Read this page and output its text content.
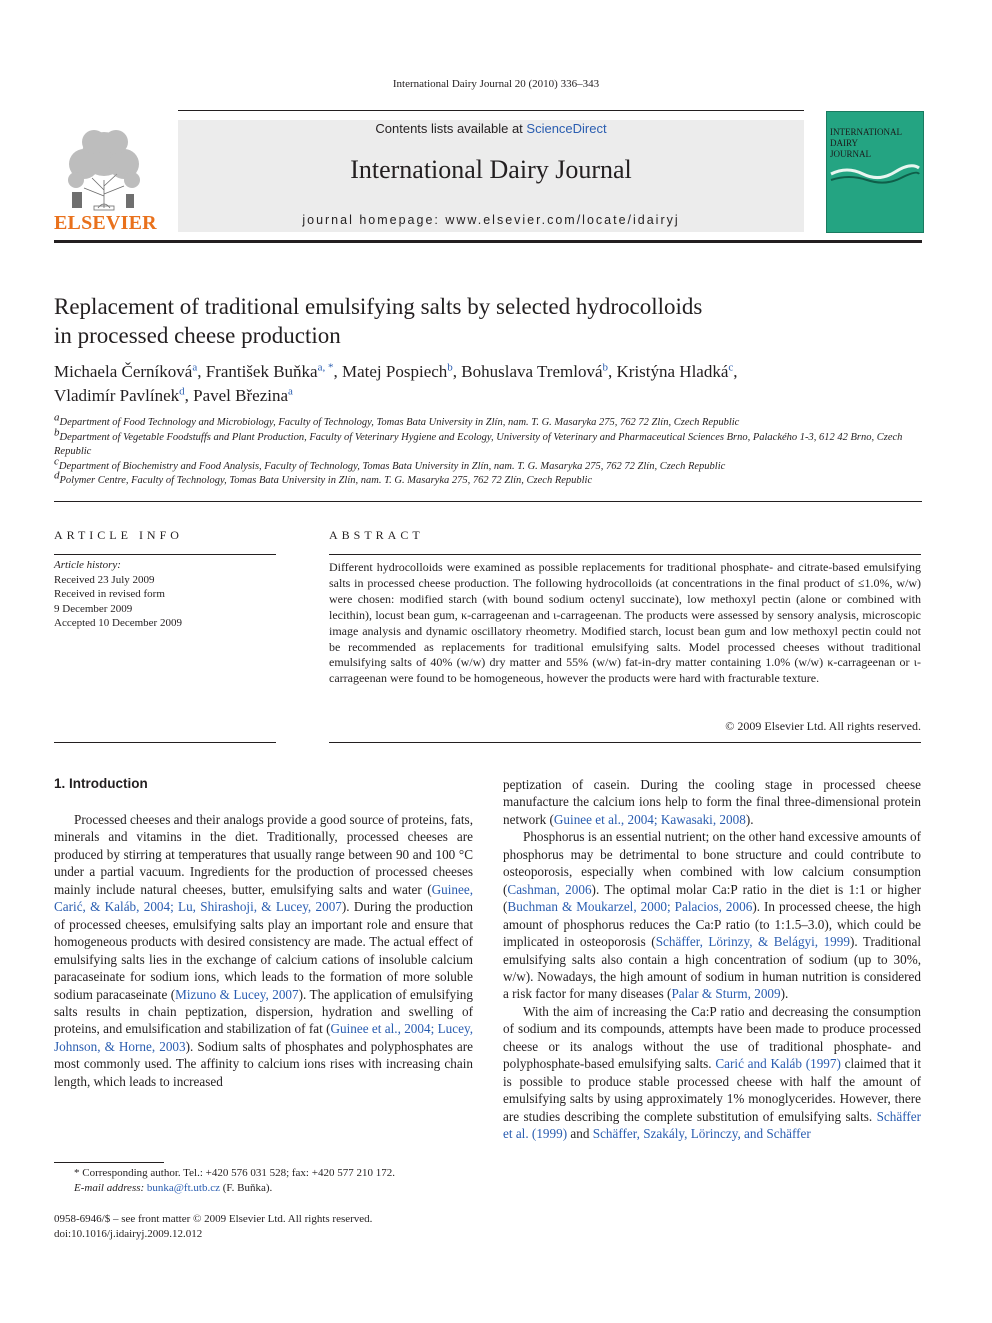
International Dairy Journal 20 (2010) 336–343
ELSEVIER
Contents lists available at ScienceDirect
International Dairy Journal
journal homepage: www.elsevier.com/locate/idairyj
INTERNATIONAL
DAIRY
JOURNAL
Replacement of traditional emulsifying salts by selected hydrocolloids
in processed cheese production
Michaela Černíková$^a$, František Buňka$^{a, *}$, Matej Pospiech$^b$, Bohuslava Tremlová$^b$, Kristýna Hladká$^c$,
Vladimír Pavlínek$^d$, Pavel Březina$^a$
$^a$Department of Food Technology and Microbiology, Faculty of Technology, Tomas Bata University in Zlín, nam. T. G. Masaryka 275, 762 72 Zlín, Czech Republic
$^b$Department of Vegetable Foodstuffs and Plant Production, Faculty of Veterinary Hygiene and Ecology, University of Veterinary and Pharmaceutical Sciences Brno, Palackého 1-3, 612 42 Brno, Czech Republic
$^c$Department of Biochemistry and Food Analysis, Faculty of Technology, Tomas Bata University in Zlín, nam. T. G. Masaryka 275, 762 72 Zlín, Czech Republic
$^d$Polymer Centre, Faculty of Technology, Tomas Bata University in Zlín, nam. T. G. Masaryka 275, 762 72 Zlín, Czech Republic
ARTICLE INFO
Article history:
Received 23 July 2009
Received in revised form
9 December 2009
Accepted 10 December 2009
ABSTRACT
Different hydrocolloids were examined as possible replacements for traditional phosphate- and citrate-based emulsifying salts in processed cheese production. The following hydrocolloids (at concentrations in the final product of ≤1.0%, w/w) were chosen: modified starch (with bound sodium octenyl succinate), low methoxyl pectin (alone or combined with lecithin), locust bean gum, κ-carrageenan and ι-carrageenan. The products were assessed by sensory analysis, microscopic image analysis and dynamic oscillatory rheometry. Modified starch, locust bean gum and low methoxyl pectin could not be recommended as replacements for traditional emulsifying salts. Model processed cheeses without traditional emulsifying salts of 40% (w/w) dry matter and 55% (w/w) fat-in-dry matter containing 1.0% (w/w) κ-carrageenan or ι-carrageenan were found to be homogeneous, however the products were hard with fracturable texture.
© 2009 Elsevier Ltd. All rights reserved.
1. Introduction

Processed cheeses and their analogs provide a good source of proteins, fats, minerals and vitamins in the diet. Traditionally, processed cheeses are produced by stirring at temperatures that usually range between 90 and 100 °C under a partial vacuum. Ingredients for the production of processed cheeses mainly include natural cheeses, butter, emulsifying salts and water (Guinee, Carić, & Kaláb, 2004; Lu, Shirashoji, & Lucey, 2007). During the production of processed cheeses, emulsifying salts play an important role and ensure that homogeneous products with desired consistency are made. The actual effect of emulsifying salts lies in the exchange of calcium cations of insoluble calcium paracaseinate for sodium ions, which leads to the formation of more soluble sodium paracaseinate (Mizuno & Lucey, 2007). The application of emulsifying salts results in chain peptization, dispersion, hydration and swelling of proteins, and emulsification and stabilization of fat (Guinee et al., 2004; Lucey, Johnson, & Horne, 2003). Sodium salts of phosphates and polyphosphates are most commonly used. The affinity to calcium ions rises with increasing chain length, which leads to increased

peptization of casein. During the cooling stage in processed cheese manufacture the calcium ions help to form the final three-dimensional protein network (Guinee et al., 2004; Kawasaki, 2008).

Phosphorus is an essential nutrient; on the other hand excessive amounts of phosphorus may be detrimental to bone structure and could contribute to osteoporosis, especially when combined with low calcium consumption (Cashman, 2006). The optimal molar Ca:P ratio in the diet is 1:1 or higher (Buchman & Moukarzel, 2000; Palacios, 2006). In processed cheese, the high amount of phosphorus reduces the Ca:P ratio (to 1:1.5–3.0), which could be implicated in osteoporosis (Schäffer, Lörinzy, & Belágyi, 1999). Traditional emulsifying salts also contain a high concentration of sodium (up to 30%, w/w). Nowadays, the high amount of sodium in human nutrition is considered a risk factor for many diseases (Palar & Sturm, 2009).

With the aim of increasing the Ca:P ratio and decreasing the consumption of sodium and its compounds, attempts have been made to produce processed cheese or its analogs without the use of traditional phosphate- and polyphosphate-based emulsifying salts. Carić and Kaláb (1997) claimed that it is possible to produce stable processed cheese with half the amount of emulsifying salts by using approximately 1% monoglycerides. However, there are studies describing the complete substitution of emulsifying salts. Schäffer et al. (1999) and Schäffer, Szakály, Lörinczy, and Schäffer

* Corresponding author. Tel.: +420 576 031 528; fax: +420 577 210 172.
E-mail address: bunka@ft.utb.cz (F. Buňka).
0958-6946/$ – see front matter © 2009 Elsevier Ltd. All rights reserved.
doi:10.1016/j.idairyj.2009.12.012
